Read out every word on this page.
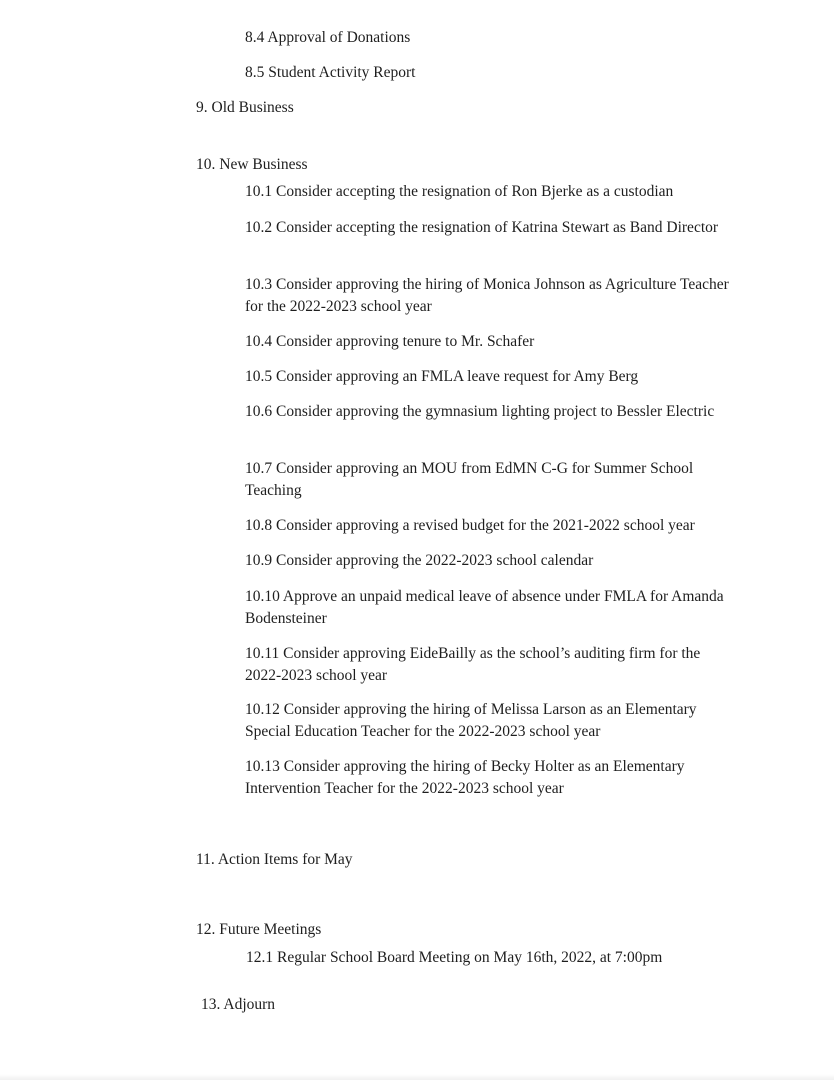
8.4 Approval of Donations
8.5 Student Activity Report
9. Old Business
10. New Business
10.1 Consider accepting the resignation of Ron Bjerke as a custodian
10.2 Consider accepting the resignation of Katrina Stewart as Band Director
10.3 Consider approving the hiring of Monica Johnson as Agriculture Teacher for the 2022-2023 school year
10.4 Consider approving tenure to Mr. Schafer
10.5 Consider approving an FMLA leave request for Amy Berg
10.6 Consider approving the gymnasium lighting project to Bessler Electric
10.7 Consider approving an MOU from EdMN C-G for Summer School Teaching
10.8 Consider approving a revised budget for the 2021-2022 school year
10.9 Consider approving the 2022-2023 school calendar
10.10 Approve an unpaid medical leave of absence under FMLA for Amanda Bodensteiner
10.11 Consider approving EideBailly as the school’s auditing firm for the 2022-2023 school year
10.12 Consider approving the hiring of Melissa Larson as an Elementary Special Education Teacher for the 2022-2023 school year
10.13 Consider approving the hiring of Becky Holter as an Elementary Intervention Teacher for the 2022-2023 school year
11. Action Items for May
12. Future Meetings
12.1 Regular School Board Meeting on May 16th, 2022, at 7:00pm
13. Adjourn
